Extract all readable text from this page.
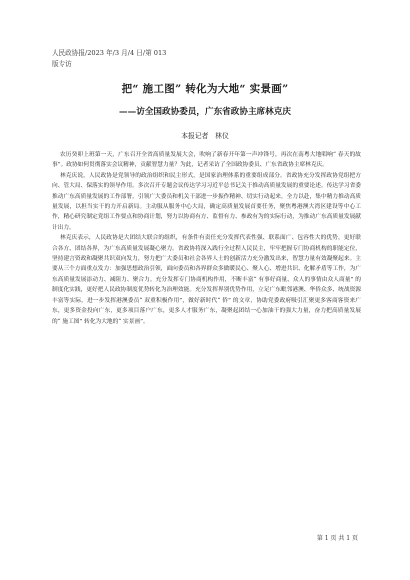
人民政协报/2023 年/3 月/4 日/第 013
版专访
把“ 施工图” 转化为大地“ 实景画”
——访全国政协委员，广东省政协主席林克庆
本报记者　林仪

农历癸卯上班第一天，广东召开全省高质量发展大会，吹响了新春开年第一声冲锋号，再次在南粤大地唱响“ 春天的故事”。政协如何贯彻落实会议精神，贡献智慧力量？为此，记者采访了全国政协委员、广东省政协主席林克庆。

林克庆说，人民政协是党领导的政治组织和民主形式，是国家治理体系的重要组成部分。省政协充分发挥政协党组把方向、管大局、保落实的领导作用。多次召开专题会议传达学习习近平总书记关于推动高质量发展的重要论述。传达学习省委推动广东高质量发展的工作部署，引领广大委员和机关干部进一步振作精神、切实行动起来。全力以赴，集中精力推动高质量发展，以担当实干的力开启新局。主动服从服务中心大局，确定高质量发展首要任务，聚焦粤港澳大湾区建设等中心工作，精心研究制定党组工作要点和协商计划，努力以协商有方、监督有力、参政有为的实际行动，为推动广东高质量发展献计出力。

林克庆表示，人民政协是大团结大联合的组织，有条件有责任充分发挥代表性强、联系面广、包容性大的优势，更好联合各方、团结各界，为广东高质量发展凝心聚力。省政协将深入践行全过程人民民主，牢牢把握专门协商机构的职能定位，坚持建言资政和凝聚共识双向发力，努力把广大委员和社会各界人士的创新活力充分激发出来，智慧力量有效凝聚起来。主要从三个方面重点发力：加强思想政治引领，面向委员和各界群众多做暖民心、聚人心、增进共识、化解矛盾等工作，为广东高质量发展添动力、减阻力、聚合力。充分发挥专门协商机构作用，不断丰富“ 有事好商量、众人的事情由众人商量” 的制度化实践，更好把人民政协制度优势转化为治理效能。充分发挥界别优势作用，立足广东毗邻港澳、华侨众多、统战资源丰富等实际，进一步发挥港澳委员“ 双重积极作用”，做好新时代“ 侨” 的文章，协助党委政府吸引汇聚更多客商客资来广东，更多资金投向广东，更多项目落户广东，更多人才服务广东，凝聚起团结一心加油干的强大力量，奋力把高质量发展的“ 施工图” 转化为大地的“ 实景画”。

第 1 页 共 1 页
